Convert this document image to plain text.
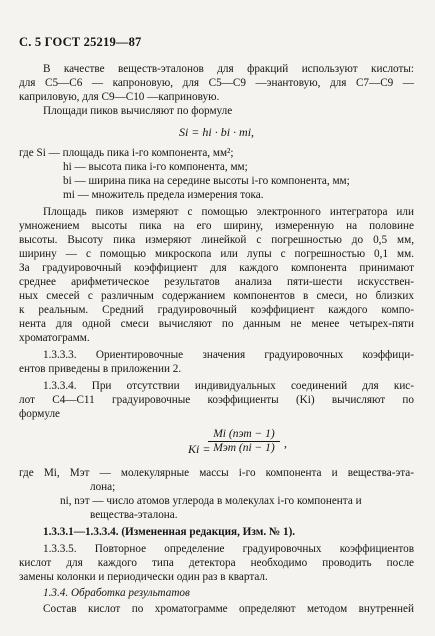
С. 5 ГОСТ 25219—87
В качестве веществ-эталонов для фракций используют кислоты:
для C5—C6 — капроновую, для C5—C9 —энантовую, для C7—C9 —
каприловую, для C9—C10 —каприновую.
Площади пиков вычисляют по формуле
Si = hi · bi · mi,
где Si — площадь пика i-го компонента, мм²;
hi — высота пика i-го компонента, мм;
bi — ширина пика на середине высоты i-го компонента, мм;
mi — множитель предела измерения тока.
Площадь пиков измеряют с помощью электронного интегратора или
умножением высоты пика на его ширину, измеренную на половине
высоты. Высоту пика измеряют линейкой с погрешностью до 0,5 мм,
ширину — с помощью микроскопа или лупы с погрешностью 0,1 мм.
За градуировочный коэффициент для каждого компонента принимают
среднее арифметическое результатов анализа пяти-шести искусствен-
ных смесей с различным содержанием компонентов в смеси, но близких
к реальным. Средний градуировочный коэффициент каждого компо-
нента для одной смеси вычисляют по данным не менее четырех-пяти
хроматограмм.
1.3.3.3. Ориентировочные значения градуировочных коэффици-
ентов приведены в приложении 2.
1.3.3.4. При отсутствии индивидуальных соединений для кис-
лот C4—C11 градуировочные коэффициенты (Ki) вычисляют по
формуле
Ki =
Mi (nэт − 1)
Mэт (ni − 1) ,
где Mi, Mэт — молекулярные массы i-го компонента и вещества-эта-
лона;
ni, nэт — число атомов углерода в молекулах i-го компонента и
вещества-эталона.
1.3.3.1—1.3.3.4. (Измененная редакция, Изм. № 1).
1.3.3.5. Повторное определение градуировочных коэффициентов
кислот для каждого типа детектора необходимо проводить после
замены колонки и периодически один раз в квартал.
1.3.4. Обработка результатов
Состав кислот по хроматограмме определяют методом внутренней
